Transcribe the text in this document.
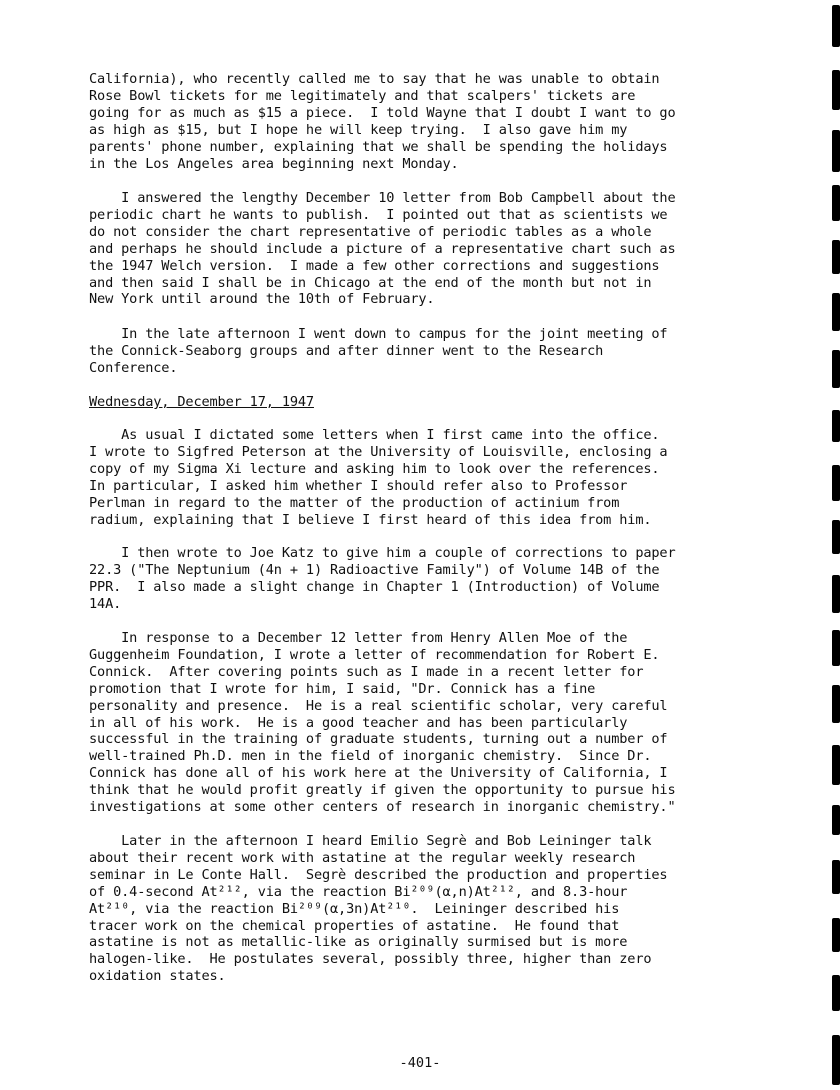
California), who recently called me to say that he was unable to obtain
Rose Bowl tickets for me legitimately and that scalpers' tickets are
going for as much as $15 a piece.  I told Wayne that I doubt I want to go
as high as $15, but I hope he will keep trying.  I also gave him my
parents' phone number, explaining that we shall be spending the holidays
in the Los Angeles area beginning next Monday.
I answered the lengthy December 10 letter from Bob Campbell about the
periodic chart he wants to publish.  I pointed out that as scientists we
do not consider the chart representative of periodic tables as a whole
and perhaps he should include a picture of a representative chart such as
the 1947 Welch version.  I made a few other corrections and suggestions
and then said I shall be in Chicago at the end of the month but not in
New York until around the 10th of February.
In the late afternoon I went down to campus for the joint meeting of
the Connick-Seaborg groups and after dinner went to the Research
Conference.
Wednesday, December 17, 1947
As usual I dictated some letters when I first came into the office.
I wrote to Sigfred Peterson at the University of Louisville, enclosing a
copy of my Sigma Xi lecture and asking him to look over the references.
In particular, I asked him whether I should refer also to Professor
Perlman in regard to the matter of the production of actinium from
radium, explaining that I believe I first heard of this idea from him.
I then wrote to Joe Katz to give him a couple of corrections to paper
22.3 ("The Neptunium (4n + 1) Radioactive Family") of Volume 14B of the
PPR.  I also made a slight change in Chapter 1 (Introduction) of Volume
14A.
In response to a December 12 letter from Henry Allen Moe of the
Guggenheim Foundation, I wrote a letter of recommendation for Robert E.
Connick.  After covering points such as I made in a recent letter for
promotion that I wrote for him, I said, "Dr. Connick has a fine
personality and presence.  He is a real scientific scholar, very careful
in all of his work.  He is a good teacher and has been particularly
successful in the training of graduate students, turning out a number of
well-trained Ph.D. men in the field of inorganic chemistry.  Since Dr.
Connick has done all of his work here at the University of California, I
think that he would profit greatly if given the opportunity to pursue his
investigations at some other centers of research in inorganic chemistry."
Later in the afternoon I heard Emilio Segrè and Bob Leininger talk
about their recent work with astatine at the regular weekly research
seminar in Le Conte Hall.  Segrè described the production and properties
of 0.4-second At²¹², via the reaction Bi²⁰⁹(α,n)At²¹², and 8.3-hour
At²¹⁰, via the reaction Bi²⁰⁹(α,3n)At²¹⁰.  Leininger described his
tracer work on the chemical properties of astatine.  He found that
astatine is not as metallic-like as originally surmised but is more
halogen-like.  He postulates several, possibly three, higher than zero
oxidation states.
-401-
